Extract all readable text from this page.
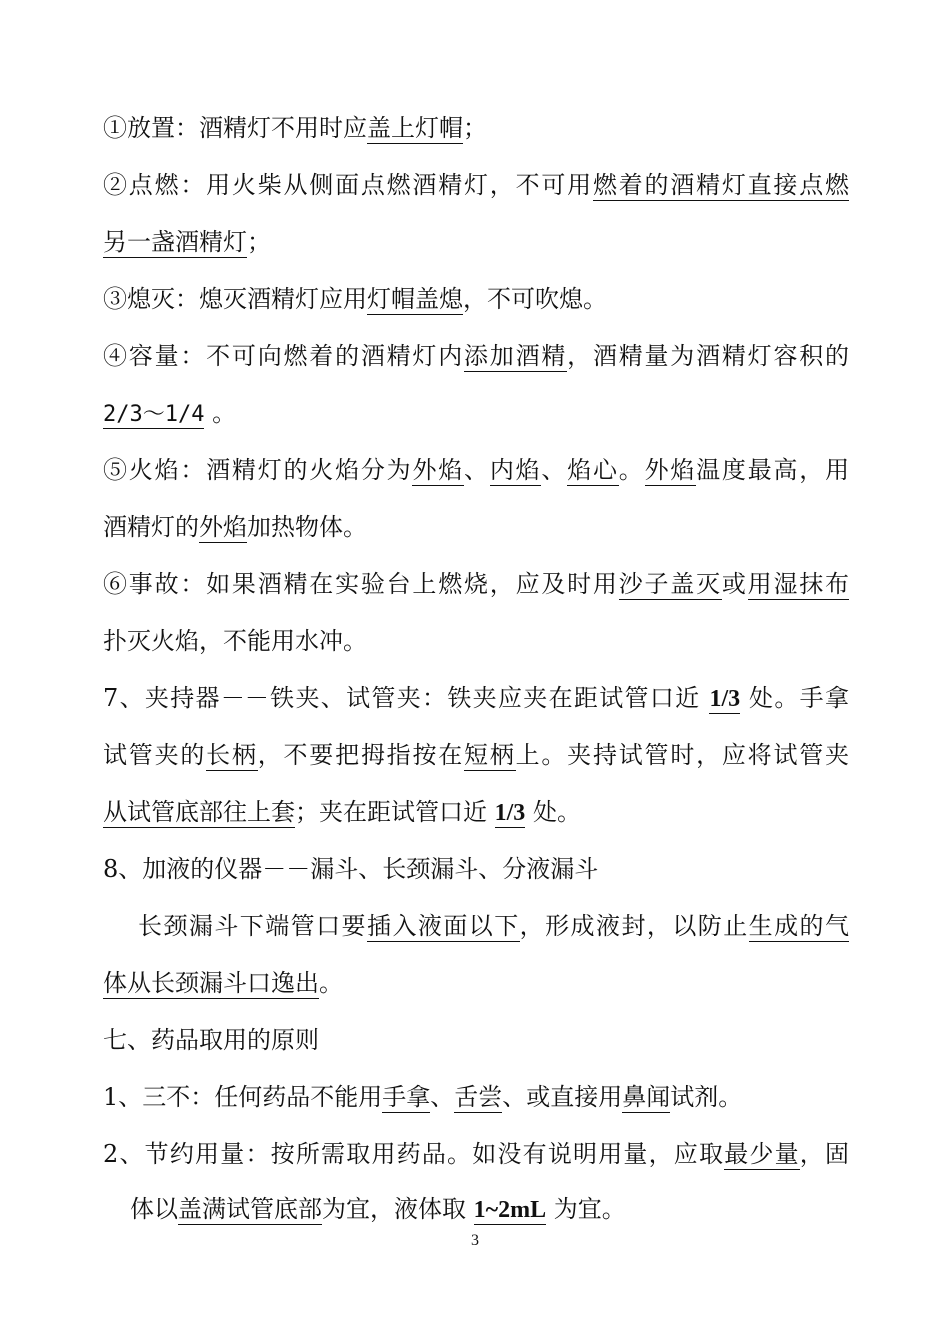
①放置：酒精灯不用时应盖上灯帽；
②点燃：用火柴从侧面点燃酒精灯，不可用燃着的酒精灯直接点燃
另一盏酒精灯；
③熄灭：熄灭酒精灯应用灯帽盖熄，不可吹熄。
④容量：不可向燃着的酒精灯内添加酒精，酒精量为酒精灯容积的
2/3～1/4 。
⑤火焰：酒精灯的火焰分为外焰、内焰、焰心。外焰温度最高，用
酒精灯的外焰加热物体。
⑥事故：如果酒精在实验台上燃烧，应及时用沙子盖灭或用湿抹布
扑灭火焰，不能用水冲。
7、夹持器－－铁夹、试管夹：铁夹应夹在距试管口近 1/3 处。手拿
试管夹的长柄，不要把拇指按在短柄上。夹持试管时，应将试管夹
从试管底部往上套；夹在距试管口近 1/3 处。
8、加液的仪器－－漏斗、长颈漏斗、分液漏斗
长颈漏斗下端管口要插入液面以下，形成液封，以防止生成的气
体从长颈漏斗口逸出。
七、药品取用的原则
1、三不：任何药品不能用手拿、舌尝、或直接用鼻闻试剂。
2、节约用量：按所需取用药品。如没有说明用量，应取最少量，固
体以盖满试管底部为宜，液体取 1~2mL 为宜。
3
